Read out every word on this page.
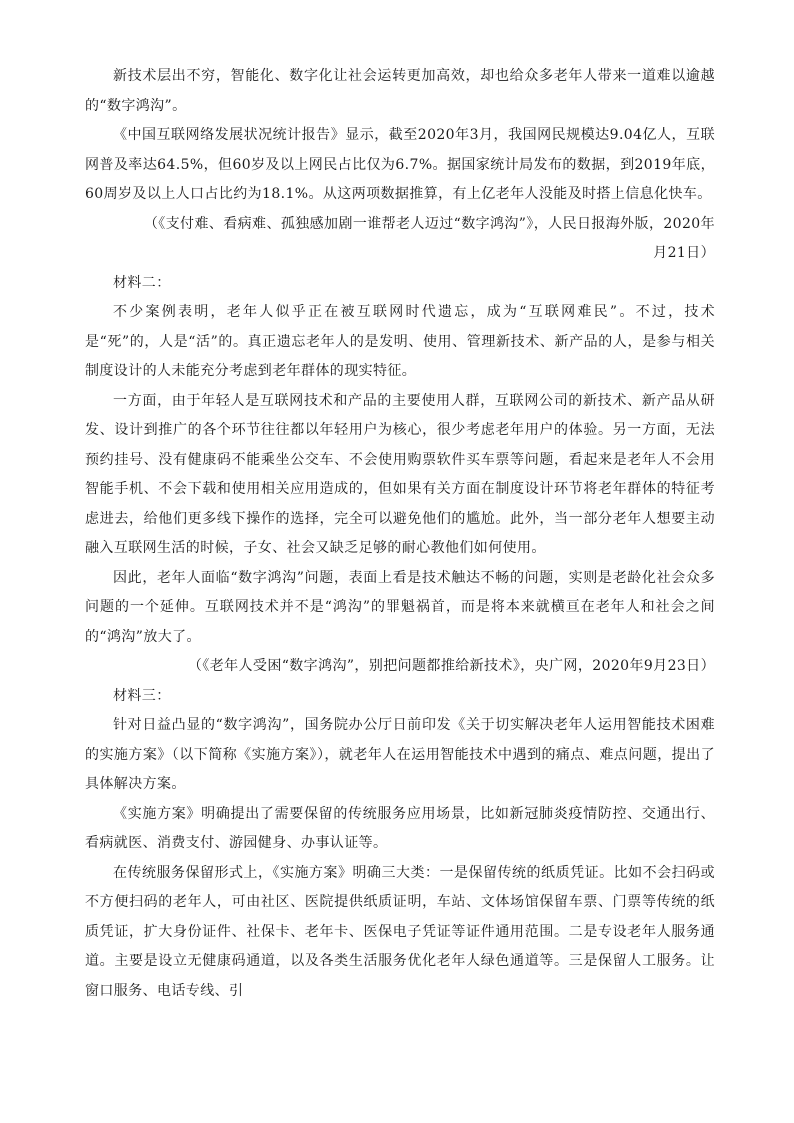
新技术层出不穷，智能化、数字化让社会运转更加高效，却也给众多老年人带来一道难以逾越的“数字鸿沟”。

《中国互联网络发展状况统计报告》显示，截至2020年3月，我国网民规模达9.04亿人，互联网普及率达64.5%，但60岁及以上网民占比仅为6.7%。据国家统计局发布的数据，到2019年底，60周岁及以上人口占比约为18.1%。从这两项数据推算，有上亿老年人没能及时搭上信息化快车。

（《支付难、看病难、孤独感加剧一谁帮老人迈过“数字鸿沟”》，人民日报海外版，2020年月21日）

材料二：

不少案例表明，老年人似乎正在被互联网时代遗忘，成为“互联网难民”。不过，技术是“死”的，人是“活”的。真正遗忘老年人的是发明、使用、管理新技术、新产品的人，是参与相关制度设计的人未能充分考虑到老年群体的现实特征。

一方面，由于年轻人是互联网技术和产品的主要使用人群，互联网公司的新技术、新产品从研发、设计到推广的各个环节往往都以年轻用户为核心，很少考虑老年用户的体验。另一方面，无法预约挂号、没有健康码不能乘坐公交车、不会使用购票软件买车票等问题，看起来是老年人不会用智能手机、不会下载和使用相关应用造成的，但如果有关方面在制度设计环节将老年群体的特征考虑进去，给他们更多线下操作的选择，完全可以避免他们的尴尬。此外，当一部分老年人想要主动融入互联网生活的时候，子女、社会又缺乏足够的耐心教他们如何使用。

因此，老年人面临“数字鸿沟”问题，表面上看是技术触达不畅的问题，实则是老龄化社会众多问题的一个延伸。互联网技术并不是“鸿沟”的罪魁祸首，而是将本来就横亘在老年人和社会之间的“鸿沟”放大了。

（《老年人受困“数字鸿沟”，别把问题都推给新技术》，央广网，2020年9月23日）

材料三：

针对日益凸显的“数字鸿沟”，国务院办公厅日前印发《关于切实解决老年人运用智能技术困难的实施方案》（以下简称《实施方案》），就老年人在运用智能技术中遇到的痛点、难点问题，提出了具体解决方案。

《实施方案》明确提出了需要保留的传统服务应用场景，比如新冠肺炎疫情防控、交通出行、看病就医、消费支付、游园健身、办事认证等。

在传统服务保留形式上，《实施方案》明确三大类：一是保留传统的纸质凭证。比如不会扫码或不方便扫码的老年人，可由社区、医院提供纸质证明，车站、文体场馆保留车票、门票等传统的纸质凭证，扩大身份证件、社保卡、老年卡、医保电子凭证等证件通用范围。二是专设老年人服务通道。主要是设立无健康码通道，以及各类生活服务优化老年人绿色通道等。三是保留人工服务。让窗口服务、电话专线、引
